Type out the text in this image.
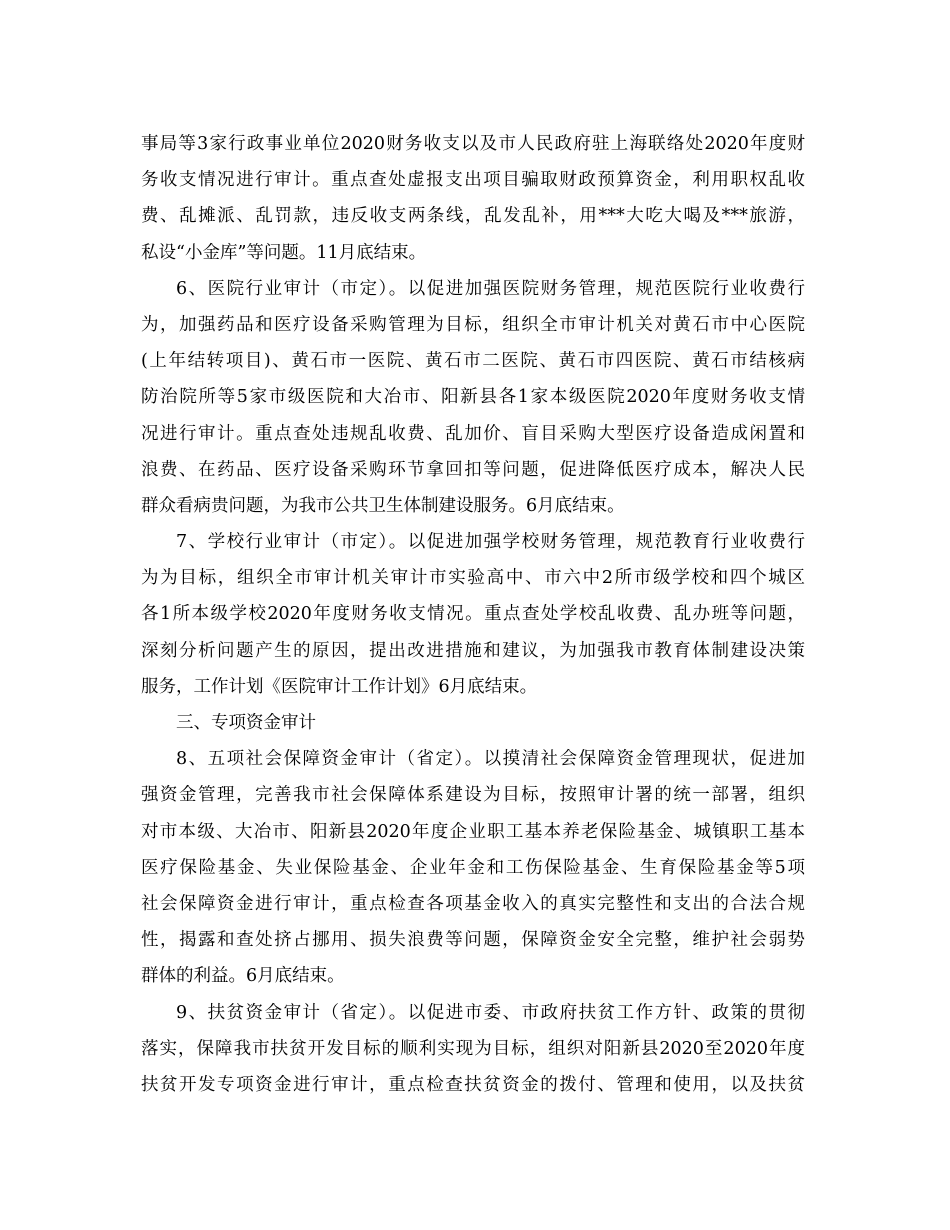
事局等3家行政事业单位2020财务收支以及市人民政府驻上海联络处2020年度财
务收支情况进行审计。重点查处虚报支出项目骗取财政预算资金，利用职权乱收
费、乱摊派、乱罚款，违反收支两条线，乱发乱补，用***大吃大喝及***旅游，
私设“小金库”等问题。11月底结束。
6、医院行业审计（市定）。以促进加强医院财务管理，规范医院行业收费行
为，加强药品和医疗设备采购管理为目标，组织全市审计机关对黄石市中心医院
(上年结转项目)、黄石市一医院、黄石市二医院、黄石市四医院、黄石市结核病
防治院所等5家市级医院和大冶市、阳新县各1家本级医院2020年度财务收支情
况进行审计。重点查处违规乱收费、乱加价、盲目采购大型医疗设备造成闲置和
浪费、在药品、医疗设备采购环节拿回扣等问题，促进降低医疗成本，解决人民
群众看病贵问题，为我市公共卫生体制建设服务。6月底结束。
7、学校行业审计（市定）。以促进加强学校财务管理，规范教育行业收费行
为为目标，组织全市审计机关审计市实验高中、市六中2所市级学校和四个城区
各1所本级学校2020年度财务收支情况。重点查处学校乱收费、乱办班等问题，
深刻分析问题产生的原因，提出改进措施和建议，为加强我市教育体制建设决策
服务，工作计划《医院审计工作计划》6月底结束。
三、专项资金审计
8、五项社会保障资金审计（省定）。以摸清社会保障资金管理现状，促进加
强资金管理，完善我市社会保障体系建设为目标，按照审计署的统一部署，组织
对市本级、大冶市、阳新县2020年度企业职工基本养老保险基金、城镇职工基本
医疗保险基金、失业保险基金、企业年金和工伤保险基金、生育保险基金等5项
社会保障资金进行审计，重点检查各项基金收入的真实完整性和支出的合法合规
性，揭露和查处挤占挪用、损失浪费等问题，保障资金安全完整，维护社会弱势
群体的利益。6月底结束。
9、扶贫资金审计（省定）。以促进市委、市政府扶贫工作方针、政策的贯彻
落实，保障我市扶贫开发目标的顺利实现为目标，组织对阳新县2020至2020年度
扶贫开发专项资金进行审计，重点检查扶贫资金的拨付、管理和使用，以及扶贫
